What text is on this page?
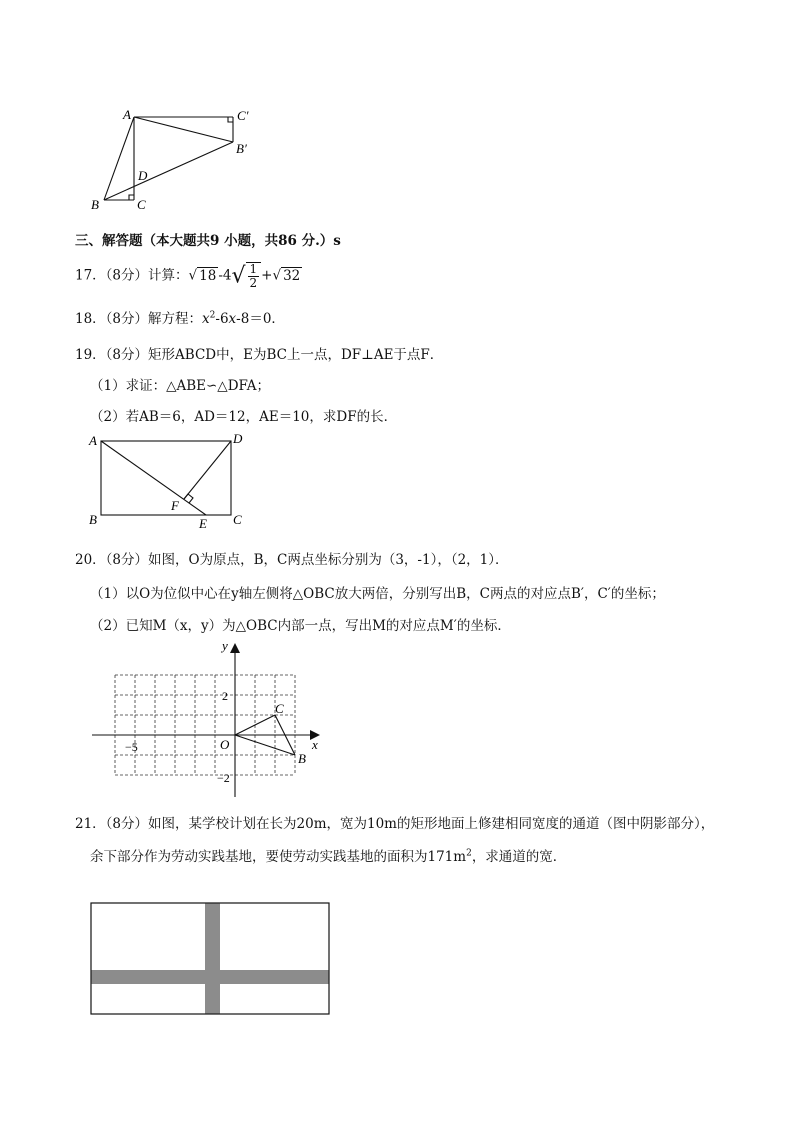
A	C′
B′
D
B	C
三、解答题（本大题共9 小题，共86 分.）s
17．（8分）计算：√ 18 $-4√ \frac{1}{2}$ +√ 32
18．（8分）解方程：$x^2-6x-8=0$．
19．（8分）矩形ABCD中，E为BC上一点，DF⊥AE于点F．
（1）求证：△ABE∽△DFA；
（2）若AB＝6，AD＝12，AE＝10，求DF的长．
A	D
B
F
E C
20．（8分）如图，O为原点，B，C两点坐标分别为（3，-1），（2，1）．
（1）以O为位似中心在y轴左侧将△OBC放大两倍，分别写出B，C两点的对应点B′，C′的坐标；
（2）已知M（x，y）为△OBC内部一点，写出M的对应点M′的坐标．
y
x
O
C
B
2
−5
−2
21．（8分）如图，某学校计划在长为20m，宽为10m的矩形地面上修建相同宽度的通道（图中阴影部分），
余下部分作为劳动实践基地，要使劳动实践基地的面积为$171m^2$，求通道的宽．
